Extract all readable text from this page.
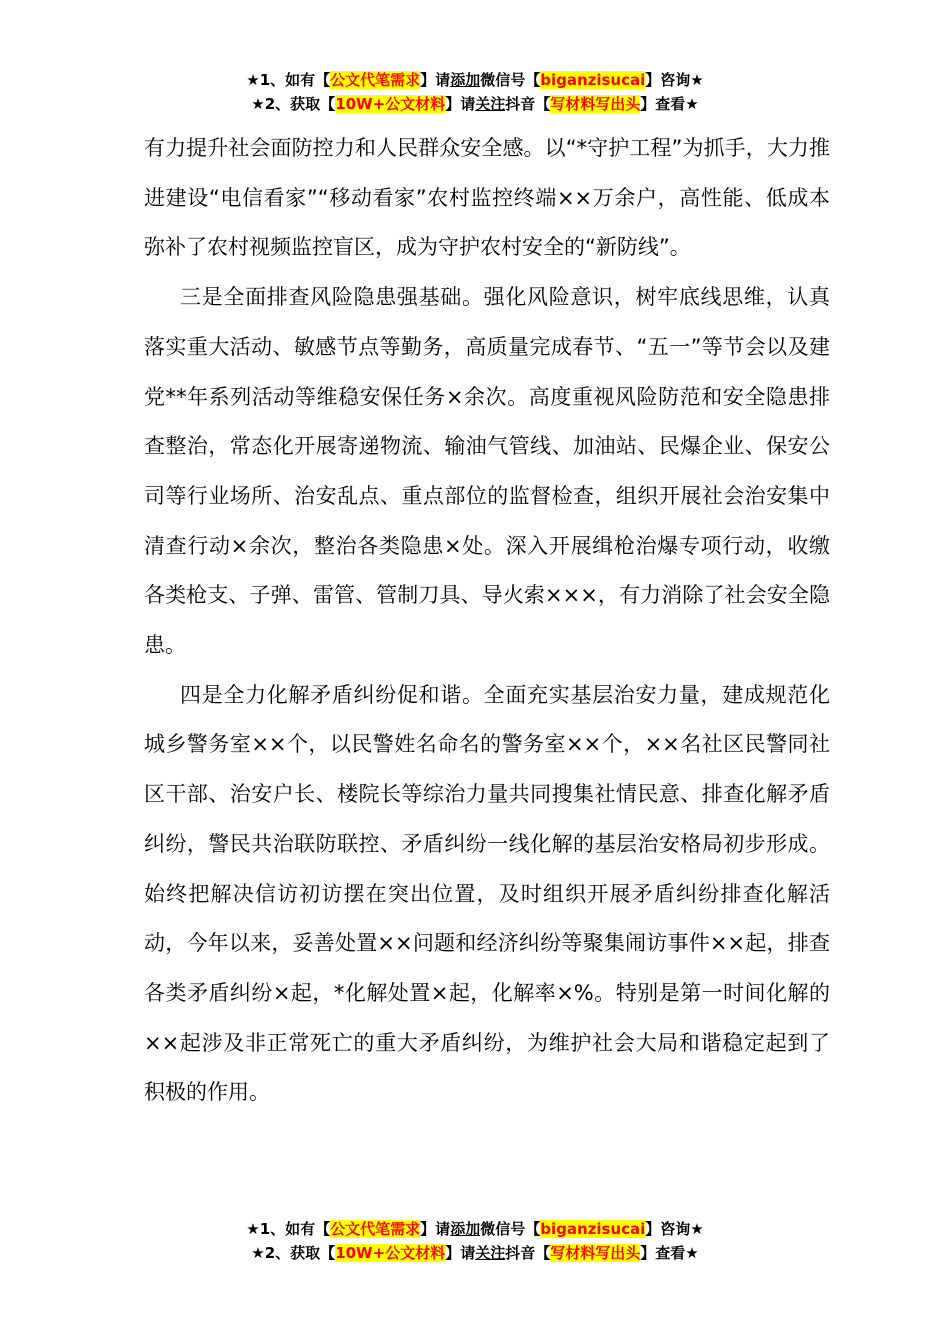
★1、如有【公文代笔需求】请添加微信号【biganzisucai】咨询★
★2、获取【10W+公文材料】请关注抖音【写材料写出头】查看★

有力提升社会面防控力和人民群众安全感。以“*守护工程”为抓手，大力推进建设“电信看家”“移动看家”农村监控终端××万余户，高性能、低成本弥补了农村视频监控盲区，成为守护农村安全的“新防线”。

三是全面排查风险隐患强基础。强化风险意识，树牢底线思维，认真落实重大活动、敏感节点等勤务，高质量完成春节、“五一”等节会以及建党**年系列活动等维稳安保任务×余次。高度重视风险防范和安全隐患排查整治，常态化开展寄递物流、输油气管线、加油站、民爆企业、保安公司等行业场所、治安乱点、重点部位的监督检查，组织开展社会治安集中清查行动×余次，整治各类隐患×处。深入开展缉枪治爆专项行动，收缴各类枪支、子弹、雷管、管制刀具、导火索×××，有力消除了社会安全隐患。

四是全力化解矛盾纠纷促和谐。全面充实基层治安力量，建成规范化城乡警务室××个，以民警姓名命名的警务室××个，××名社区民警同社区干部、治安户长、楼院长等综治力量共同搜集社情民意、排查化解矛盾纠纷，警民共治联防联控、矛盾纠纷一线化解的基层治安格局初步形成。始终把解决信访初访摆在突出位置，及时组织开展矛盾纠纷排查化解活动，今年以来，妥善处置××问题和经济纠纷等聚集闹访事件××起，排查各类矛盾纠纷×起，*化解处置×起，化解率×%。特别是第一时间化解的××起涉及非正常死亡的重大矛盾纠纷，为维护社会大局和谐稳定起到了积极的作用。

★1、如有【公文代笔需求】请添加微信号【biganzisucai】咨询★
★2、获取【10W+公文材料】请关注抖音【写材料写出头】查看★
